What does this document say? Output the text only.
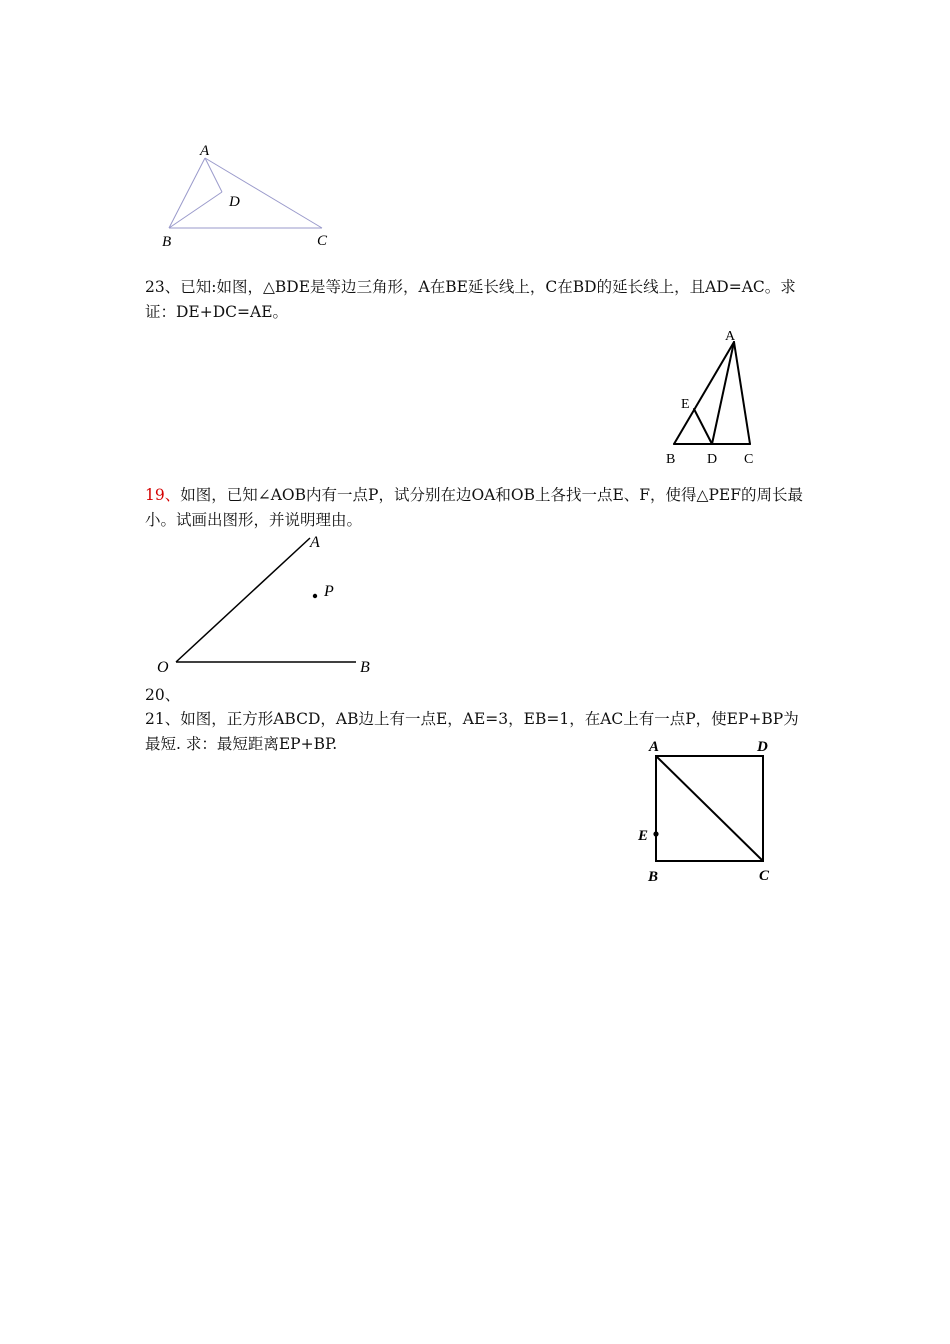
A
D
B	C

23、已知:如图，△BDE是等边三角形，A在BE延长线上，C在BD的延长线上，且AD=AC。求证：DE+DC=AE。

A
E
B D C

19、如图，已知∠AOB内有一点P，试分别在边OA和OB上各找一点E、F，使得△PEF的周长最小。试画出图形，并说明理由。

A
P
O	B

20、

21、如图，正方形ABCD，AB边上有一点E，AE=3，EB=1，在AC上有一点P，使EP+BP为最短. 求：最短距离EP+BP.	A	D
E
B	C
